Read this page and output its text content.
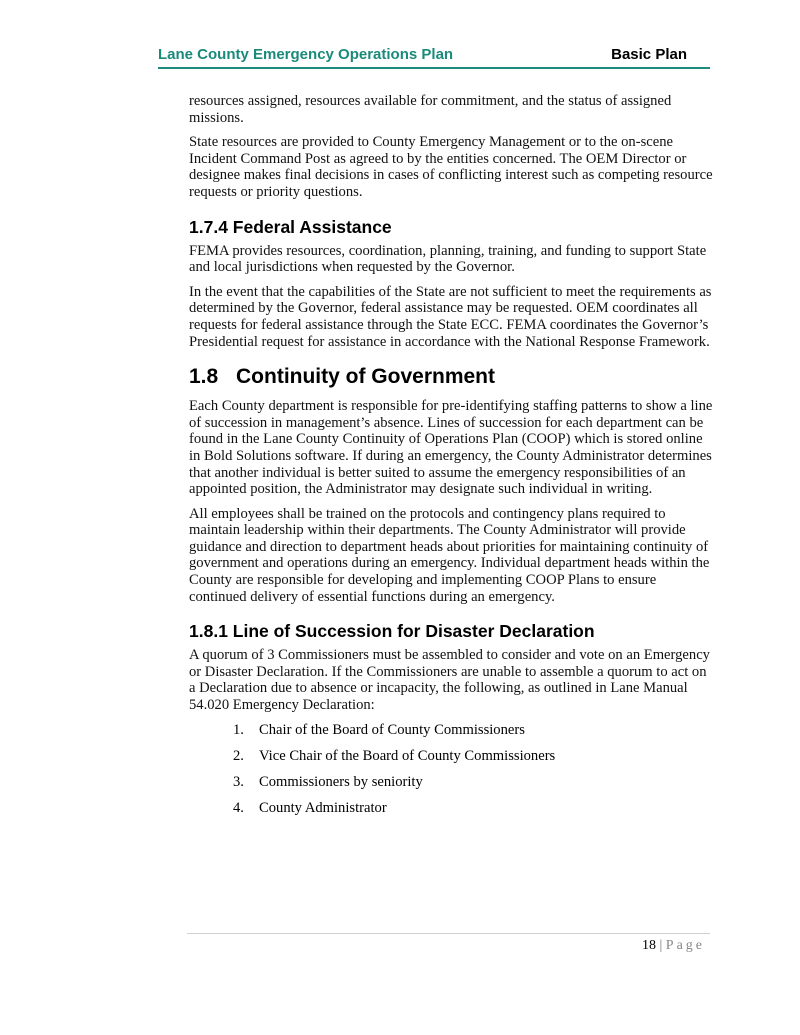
Lane County Emergency Operations Plan	Basic Plan

resources assigned, resources available for commitment, and the status of assigned missions.

State resources are provided to County Emergency Management or to the on-scene Incident Command Post as agreed to by the entities concerned. The OEM Director or designee makes final decisions in cases of conflicting interest such as competing resource requests or priority questions.

1.7.4 Federal Assistance

FEMA provides resources, coordination, planning, training, and funding to support State and local jurisdictions when requested by the Governor.

In the event that the capabilities of the State are not sufficient to meet the requirements as determined by the Governor, federal assistance may be requested. OEM coordinates all requests for federal assistance through the State ECC. FEMA coordinates the Governor’s Presidential request for assistance in accordance with the National Response Framework.

1.8 Continuity of Government

Each County department is responsible for pre-identifying staffing patterns to show a line of succession in management’s absence. Lines of succession for each department can be found in the Lane County Continuity of Operations Plan (COOP) which is stored online in Bold Solutions software. If during an emergency, the County Administrator determines that another individual is better suited to assume the emergency responsibilities of an appointed position, the Administrator may designate such individual in writing.

All employees shall be trained on the protocols and contingency plans required to maintain leadership within their departments. The County Administrator will provide guidance and direction to department heads about priorities for maintaining continuity of government and operations during an emergency. Individual department heads within the County are responsible for developing and implementing COOP Plans to ensure continued delivery of essential functions during an emergency.

1.8.1 Line of Succession for Disaster Declaration

A quorum of 3 Commissioners must be assembled to consider and vote on an Emergency or Disaster Declaration. If the Commissioners are unable to assemble a quorum to act on a Declaration due to absence or incapacity, the following, as outlined in Lane Manual 54.020 Emergency Declaration:

1. Chair of the Board of County Commissioners
2. Vice Chair of the Board of County Commissioners
3. Commissioners by seniority
4. County Administrator
18 | Page
